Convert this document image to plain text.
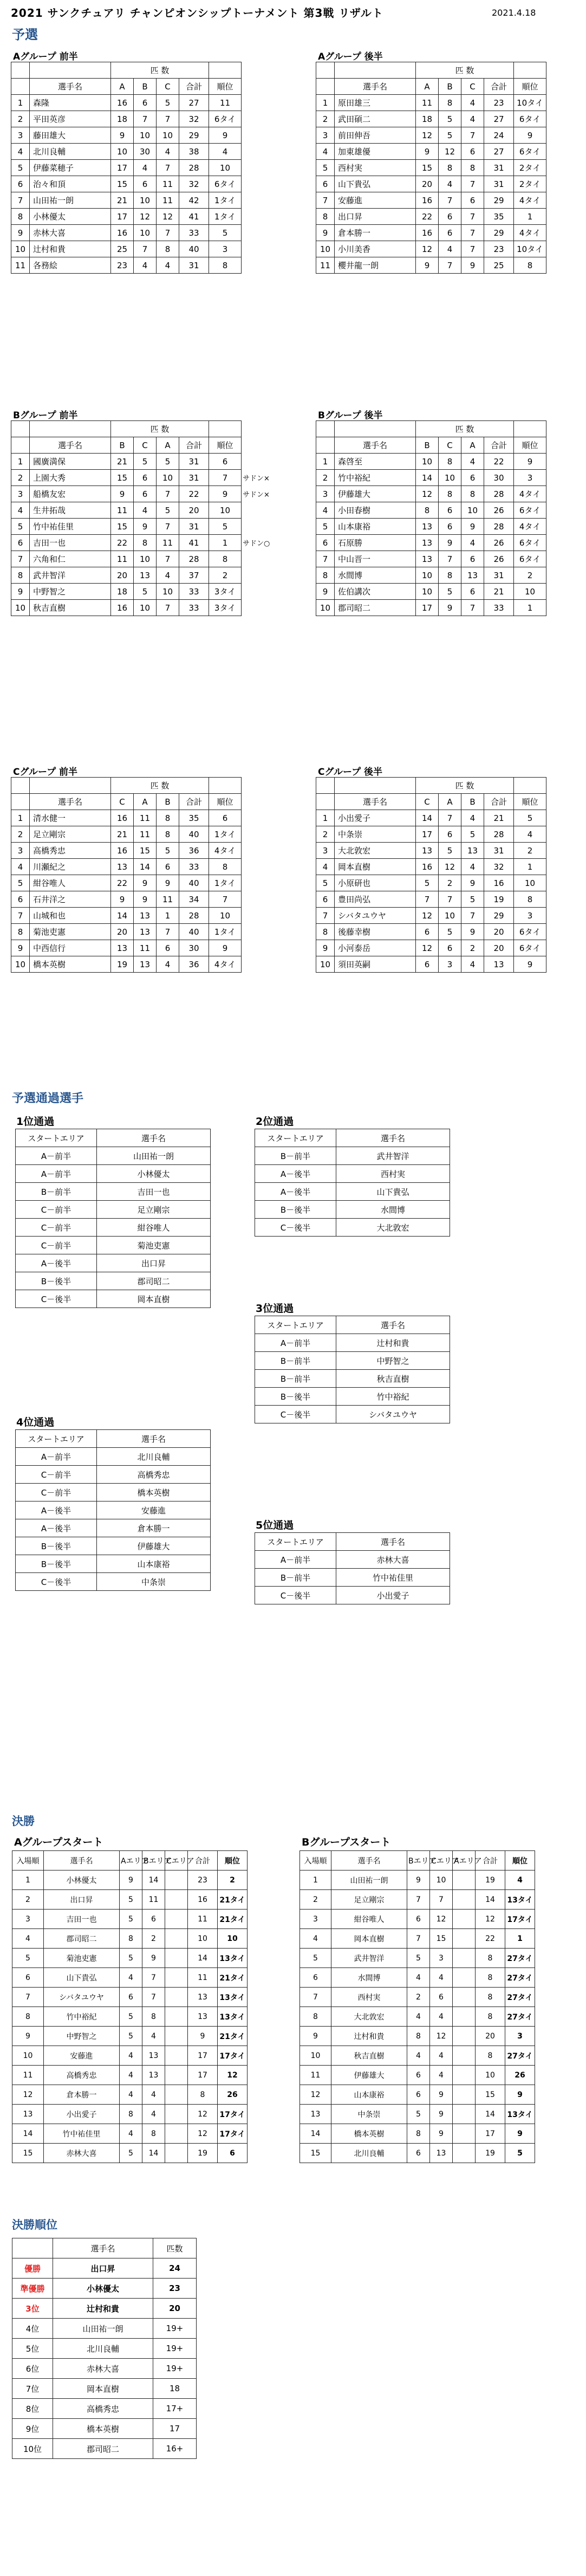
2021 サンクチュアリ チャンピオンシップトーナメント 第3戦 リザルト	2021.4.18
予選
Aグループ 前半
		匹 数				
	選手名	A	B	C	合計	順位
1	森隆	16	6	5	27	11
2	平田英彦	18	7	7	32	6タイ
3	藤田雄大	9	10	10	29	9
4	北川良輔	10	30	4	38	4
5	伊藤菜穂子	17	4	7	28	10
6	治々和頂	15	6	11	32	6タイ
7	山田祐一朗	21	10	11	42	1タイ
8	小林優太	17	12	12	41	1タイ
9	赤林大喜	16	10	7	33	5
10	辻村和貴	25	7	8	40	3
11	各務絵	23	4	4	31	8
Aグループ 後半
		匹 数				
	選手名	A	B	C	合計	順位
1	原田雄三	11	8	4	23	10タイ
2	武田碩二	18	5	4	27	6タイ
3	前田伸吾	12	5	7	24	9
4	加東雄優	9	12	6	27	6タイ
5	西村実	15	8	8	31	2タイ
6	山下貴弘	20	4	7	31	2タイ
7	安藤進	16	7	6	29	4タイ
8	出口昇	22	6	7	35	1
9	倉本勝一	16	6	7	29	4タイ
10	小川美香	12	4	7	23	10タイ
11	櫻井龍一朗	9	7	9	25	8
Bグループ 前半
		匹 数				
	選手名	B	C	A	合計	順位
1	國廣満保	21	5	5	31	6
2	上園大秀	15	6	10	31	7
3	船橋友宏	9	6	7	22	9
4	生井拓哉	11	4	5	20	10
5	竹中祐佳里	15	9	7	31	5
6	吉田一也	22	8	11	41	1
7	六角和仁	11	10	7	28	8
8	武井智洋	20	13	4	37	2
9	中野智之	18	5	10	33	3タイ
10	秋吉直樹	16	10	7	33	3タイ
Bグループ 後半
		匹 数				
	選手名	B	C	A	合計	順位
1	森啓至	10	8	4	22	9
2	竹中裕紀	14	10	6	30	3
3	伊藤雄大	12	8	8	28	4タイ
4	小田春樹	8	6	10	26	6タイ
5	山本康裕	13	6	9	28	4タイ
6	石原勝	13	9	4	26	6タイ
7	中山晋一	13	7	6	26	6タイ
8	水間博	10	8	13	31	2
9	佐伯講次	10	5	6	21	10
10	郡司昭二	17	9	7	33	1
Cグループ 前半
		匹 数				
	選手名	C	A	B	合計	順位
1	清水健一	16	11	8	35	6
2	足立剛宗	21	11	8	40	1タイ
3	高橋秀忠	16	15	5	36	4タイ
4	川瀬紀之	13	14	6	33	8
5	紺谷唯人	22	9	9	40	1タイ
6	石井洋之	9	9	11	34	7
7	山城和也	14	13	1	28	10
8	菊池吏憲	20	13	7	40	1タイ
9	中西信行	13	11	6	30	9
10	橋本英樹	19	13	4	36	4タイ
Cグループ 後半
		匹 数				
	選手名	C	A	B	合計	順位
1	小出愛子	14	7	4	21	5
2	中条崇	17	6	5	28	4
3	大北敦宏	13	5	13	31	2
4	岡本直樹	16	12	4	32	1
5	小原研也	5	2	9	16	10
6	豊田尚弘	7	7	5	19	8
7	シバタユウヤ	12	10	7	29	3
8	後藤幸樹	6	5	9	20	6タイ
9	小河泰岳	12	6	2	20	6タイ
10	須田英嗣	6	3	4	13	9
サドン×
サドン×
サドン○
予選通過選手
1位通過
スタートエリア	選手名
A－前半	山田祐一朗
A－前半	小林優太
B－前半	吉田一也
C－前半	足立剛宗
C－前半	紺谷唯人
C－前半	菊池吏憲
A－後半	出口昇
B－後半	郡司昭二
C－後半	岡本直樹
2位通過
スタートエリア	選手名
B－前半	武井智洋
A－後半	西村実
A－後半	山下貴弘
B－後半	水間博
C－後半	大北敦宏
3位通過
スタートエリア	選手名
A－前半	辻村和貴
B－前半	中野智之
B－前半	秋吉直樹
B－後半	竹中裕紀
C－後半	シバタユウヤ
4位通過
スタートエリア	選手名
A－前半	北川良輔
C－前半	高橋秀忠
C－前半	橋本英樹
A－後半	安藤進
A－後半	倉本勝一
B－後半	伊藤雄大
B－後半	山本康裕
C－後半	中条崇
5位通過
スタートエリア	選手名
A－前半	赤林大喜
B－前半	竹中祐佳里
C－後半	小出愛子
決勝
Aグループスタート
入場順	選手名	Aエリア	Bエリア	Cエリア	合計	順位
1	小林優太	9	14		23	2
2	出口昇	5	11		16	21タイ
3	吉田一也	5	6		11	21タイ
4	郡司昭二	8	2		10	10
5	菊池吏憲	5	9		14	13タイ
6	山下貴弘	4	7		11	21タイ
7	シバタユウヤ	6	7		13	13タイ
8	竹中裕紀	5	8		13	13タイ
9	中野智之	5	4		9	21タイ
10	安藤進	4	13		17	17タイ
11	高橋秀忠	4	13		17	12
12	倉本勝一	4	4		8	26
13	小出愛子	8	4		12	17タイ
14	竹中祐佳里	4	8		12	17タイ
15	赤林大喜	5	14		19	6
Bグループスタート
入場順	選手名	Bエリア	Cエリア	Aエリア	合計	順位
1	山田祐一朗	9	10		19	4
2	足立剛宗	7	7		14	13タイ
3	紺谷唯人	6	12		12	17タイ
4	岡本直樹	7	15		22	1
5	武井智洋	5	3		8	27タイ
6	水間博	4	4		8	27タイ
7	西村実	2	6		8	27タイ
8	大北敦宏	4	4		8	27タイ
9	辻村和貴	8	12		20	3
10	秋吉直樹	4	4		8	27タイ
11	伊藤雄大	6	4		10	26
12	山本康裕	6	9		15	9
13	中条崇	5	9		14	13タイ
14	橋本英樹	8	9		17	9
15	北川良輔	6	13		19	5
決勝順位
	選手名	匹数
優勝	出口昇	24
準優勝	小林優太	23
3位	辻村和貴	20
4位	山田祐一朗	19+
5位	北川良輔	19+
6位	赤林大喜	19+
7位	岡本直樹	18
8位	高橋秀忠	17+
9位	橋本英樹	17
10位	郡司昭二	16+
